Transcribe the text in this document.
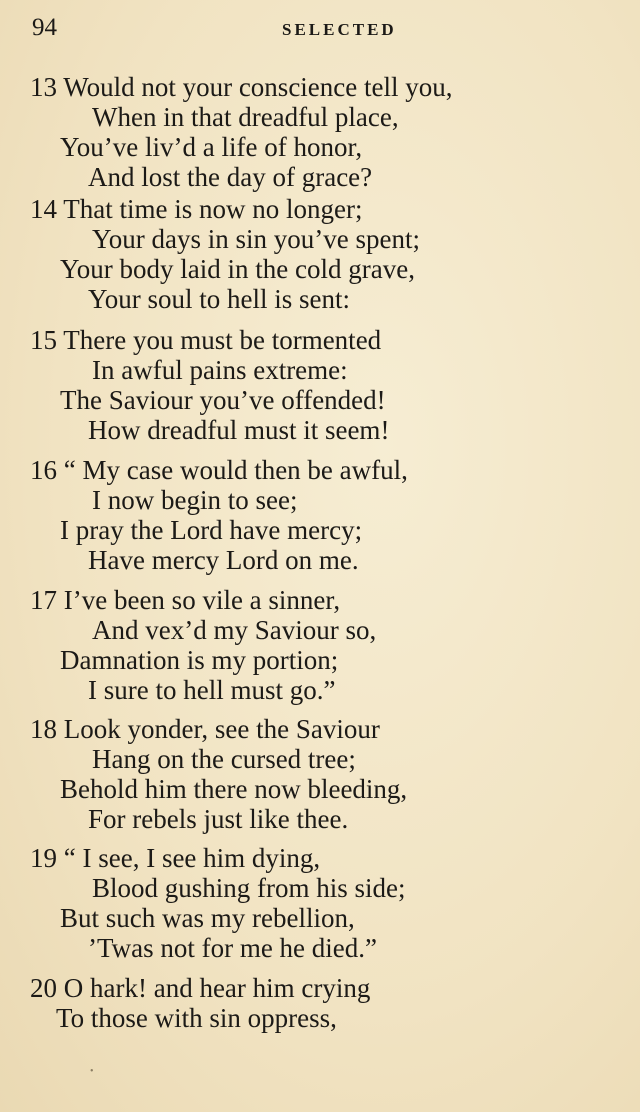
94	SELECTED
13 Would not your conscience tell you,
When in that dreadful place,
You’ve liv’d a life of honor,
And lost the day of grace?
14 That time is now no longer;
Your days in sin you’ve spent;
Your body laid in the cold grave,
Your soul to hell is sent:
15 There you must be tormented
In awful pains extreme:
The Saviour you’ve offended!
How dreadful must it seem!
16 “ My case would then be awful,
I now begin to see;
I pray the Lord have mercy;
Have mercy Lord on me.
17 I’ve been so vile a sinner,
And vex’d my Saviour so,
Damnation is my portion;
I sure to hell must go.”
18 Look yonder, see the Saviour
Hang on the cursed tree;
Behold him there now bleeding,
For rebels just like thee.
19 “ I see, I see him dying,
Blood gushing from his side;
But such was my rebellion,
’Twas not for me he died.”
20 O hark! and hear him crying
To those with sin oppress,
•
